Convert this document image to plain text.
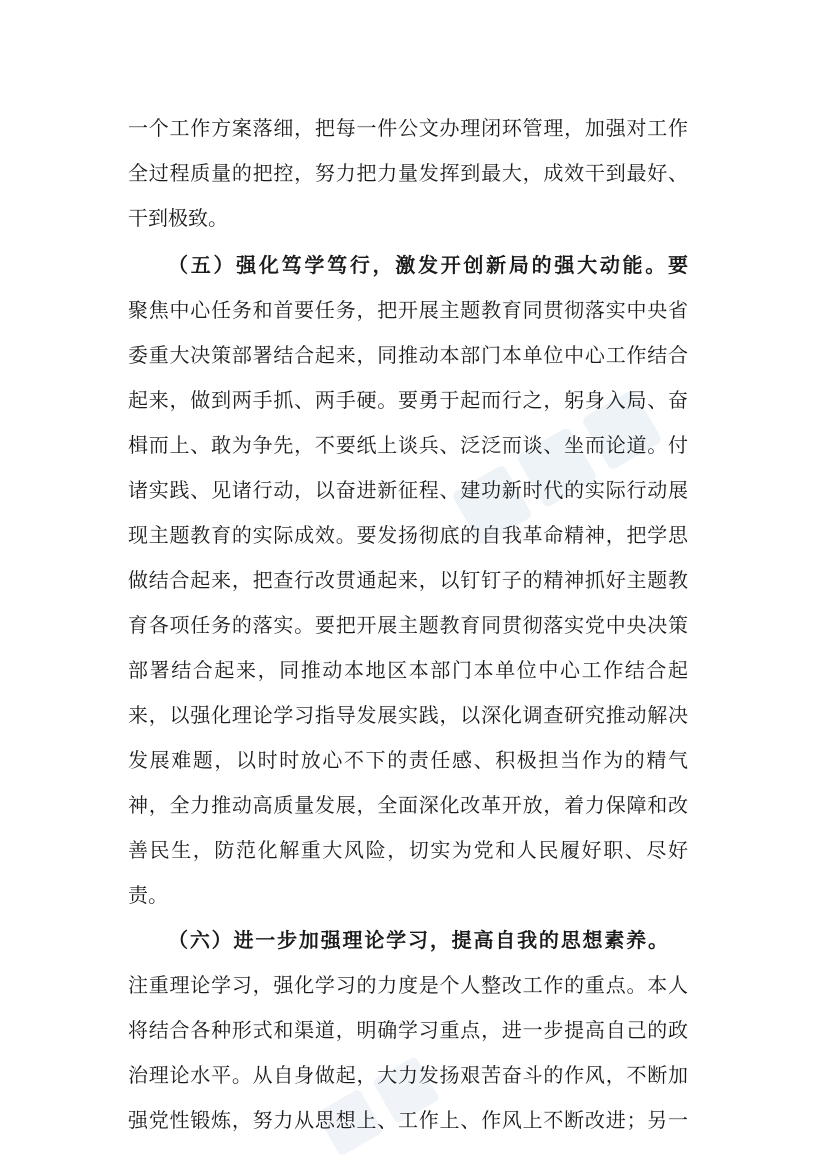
一个工作方案落细，把每一件公文办理闭环管理，加强对工作
全过程质量的把控，努力把力量发挥到最大，成效干到最好、
干到极致。
（五）强化笃学笃行，激发开创新局的强大动能。要
聚焦中心任务和首要任务，把开展主题教育同贯彻落实中央省
委重大决策部署结合起来，同推动本部门本单位中心工作结合
起来，做到两手抓、两手硬。要勇于起而行之，躬身入局、奋
楫而上、敢为争先，不要纸上谈兵、泛泛而谈、坐而论道。付
诸实践、见诸行动，以奋进新征程、建功新时代的实际行动展
现主题教育的实际成效。要发扬彻底的自我革命精神，把学思
做结合起来，把查行改贯通起来，以钉钉子的精神抓好主题教
育各项任务的落实。要把开展主题教育同贯彻落实党中央决策
部署结合起来，同推动本地区本部门本单位中心工作结合起
来，以强化理论学习指导发展实践，以深化调查研究推动解决
发展难题，以时时放心不下的责任感、积极担当作为的精气
神，全力推动高质量发展，全面深化改革开放，着力保障和改
善民生，防范化解重大风险，切实为党和人民履好职、尽好
责。
（六）进一步加强理论学习，提高自我的思想素养。
注重理论学习，强化学习的力度是个人整改工作的重点。本人
将结合各种形式和渠道，明确学习重点，进一步提高自己的政
治理论水平。从自身做起，大力发扬艰苦奋斗的作风，不断加
强党性锻炼，努力从思想上、工作上、作风上不断改进；另一
